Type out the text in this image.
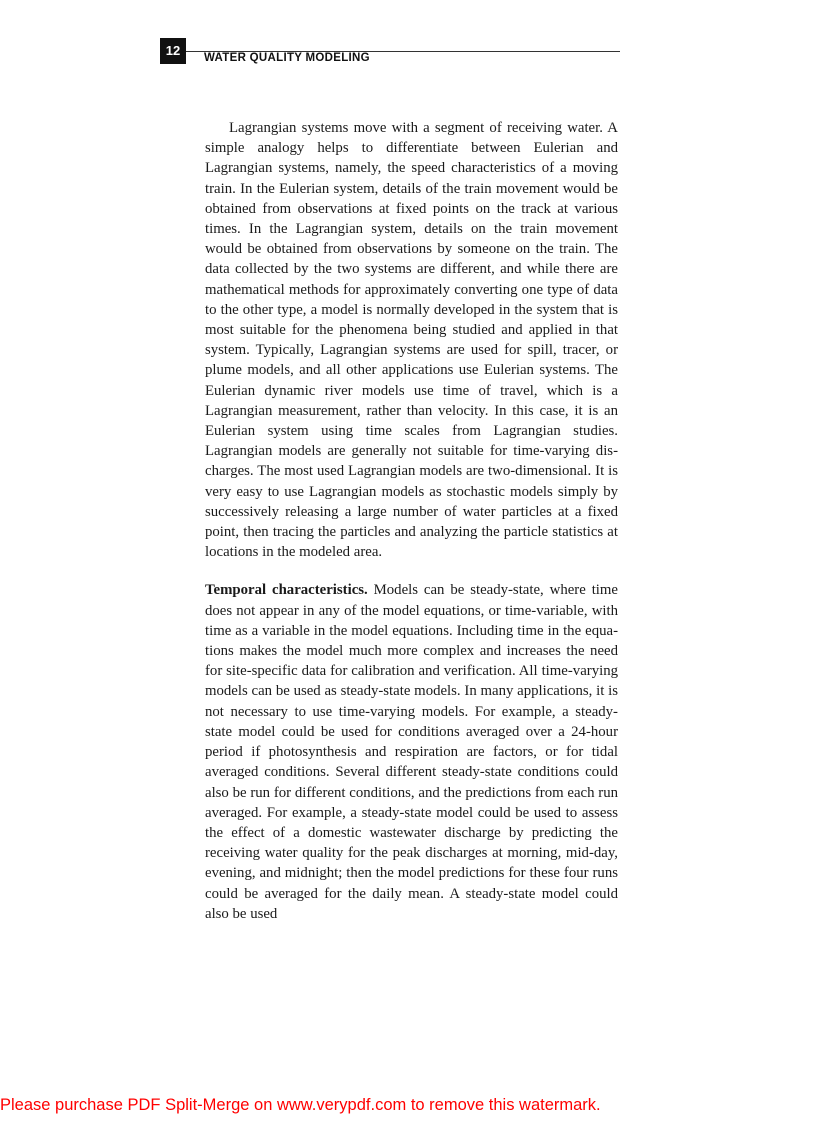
12	WATER QUALITY MODELING

Lagrangian systems move with a segment of receiving water. A simple analogy helps to differentiate between Eulerian and Lagrangian systems, namely, the speed characteristics of a moving train. In the Eulerian system, details of the train movement would be obtained from observations at fixed points on the track at various times. In the Lagrangian system, details on the train movement would be obtained from observations by someone on the train. The data collected by the two systems are different, and while there are mathematical methods for approximately converting one type of data to the other type, a model is normally developed in the system that is most suitable for the phenomena being studied and applied in that system. Typically, Lagrangian systems are used for spill, tracer, or plume models, and all other applications use Eulerian systems. The Eulerian dynamic river models use time of travel, which is a Lagrangian measurement, rather than velocity. In this case, it is an Eulerian system using time scales from Lagrangian studies. Lagrangian models are generally not suitable for time-varying discharges. The most used Lagrangian models are two-dimensional. It is very easy to use Lagrangian models as stochastic models simply by successively releasing a large number of water particles at a fixed point, then tracing the particles and analyzing the particle statistics at locations in the modeled area.

Temporal characteristics. Models can be steady-state, where time does not appear in any of the model equations, or time-variable, with time as a variable in the model equations. Including time in the equations makes the model much more complex and increases the need for site-specific data for calibration and verification. All time-varying models can be used as steady-state models. In many applications, it is not necessary to use time-varying models. For example, a steady-state model could be used for conditions averaged over a 24-hour period if photosynthesis and respiration are factors, or for tidal averaged conditions. Several different steady-state conditions could also be run for different conditions, and the predictions from each run averaged. For example, a steady-state model could be used to assess the effect of a domestic wastewater discharge by predicting the receiving water quality for the peak discharges at morning, mid-day, evening, and midnight; then the model predictions for these four runs could be averaged for the daily mean. A steady-state model could also be used

Please purchase PDF Split-Merge on www.verypdf.com to remove this watermark.
